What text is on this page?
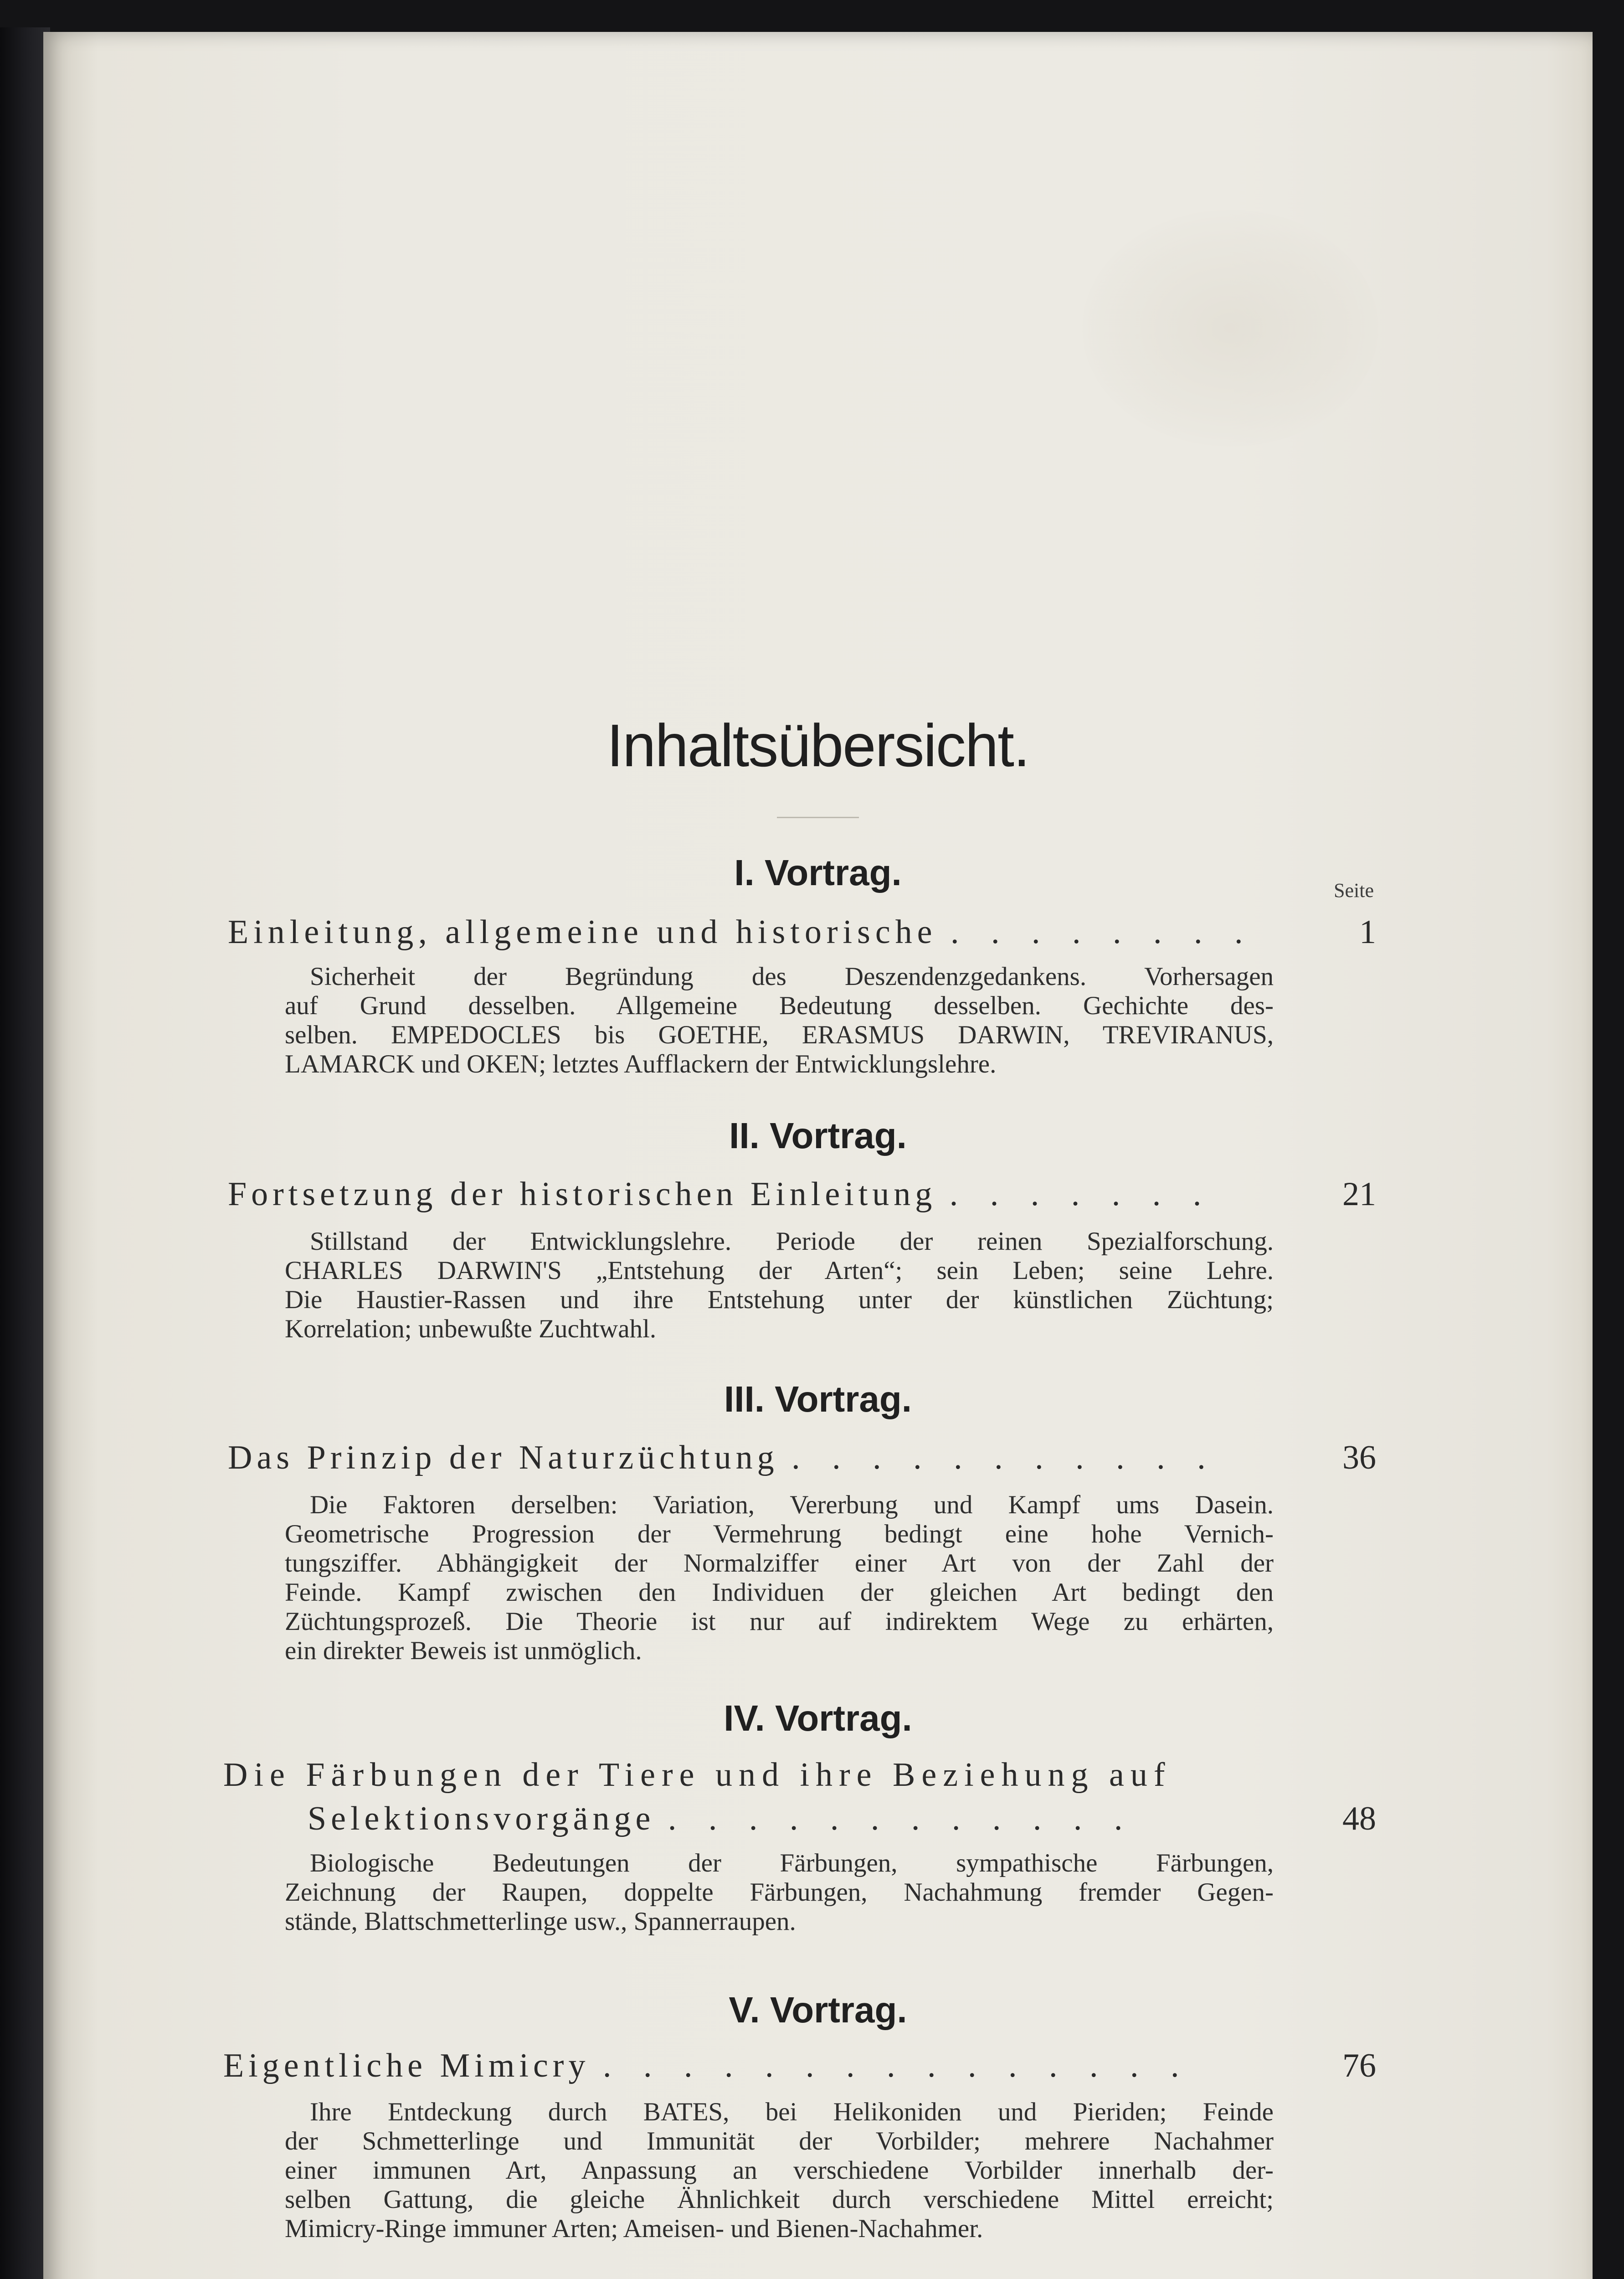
Inhaltsübersicht.
Seite
I. Vortrag.
Einleitung, allgemeine und historische . . . . . . . .	1
Sicherheit der Begründung des Deszendenzgedankens. Vorhersagen
auf Grund desselben. Allgemeine Bedeutung desselben. Gechichte des-
selben. EMPEDOCLES bis GOETHE, ERASMUS DARWIN, TREVIRANUS,
LAMARCK und OKEN; letztes Aufflackern der Entwicklungslehre.
II. Vortrag.
Fortsetzung der historischen Einleitung . . . . . . .	21
Stillstand der Entwicklungslehre. Periode der reinen Spezialforschung.
CHARLES DARWIN'S „Entstehung der Arten“; sein Leben; seine Lehre.
Die Haustier-Rassen und ihre Entstehung unter der künstlichen Züchtung;
Korrelation; unbewußte Zuchtwahl.
III. Vortrag.
Das Prinzip der Naturzüchtung . . . . . . . . . . .	36
Die Faktoren derselben: Variation, Vererbung und Kampf ums Dasein.
Geometrische Progression der Vermehrung bedingt eine hohe Vernich-
tungsziffer. Abhängigkeit der Normalziffer einer Art von der Zahl der
Feinde. Kampf zwischen den Individuen der gleichen Art bedingt den
Züchtungsprozeß. Die Theorie ist nur auf indirektem Wege zu erhärten,
ein direkter Beweis ist unmöglich.
IV. Vortrag.
Die Färbungen der Tiere und ihre Beziehung auf
Selektionsvorgänge . . . . . . . . . . . .	48
Biologische Bedeutungen der Färbungen, sympathische Färbungen,
Zeichnung der Raupen, doppelte Färbungen, Nachahmung fremder Gegen-
stände, Blattschmetterlinge usw., Spannerraupen.
V. Vortrag.
Eigentliche Mimicry . . . . . . . . . . . . . . .	76
Ihre Entdeckung durch BATES, bei Helikoniden und Pieriden; Feinde
der Schmetterlinge und Immunität der Vorbilder; mehrere Nachahmer
einer immunen Art, Anpassung an verschiedene Vorbilder innerhalb der-
selben Gattung, die gleiche Ähnlichkeit durch verschiedene Mittel erreicht;
Mimicry-Ringe immuner Arten; Ameisen- und Bienen-Nachahmer.
